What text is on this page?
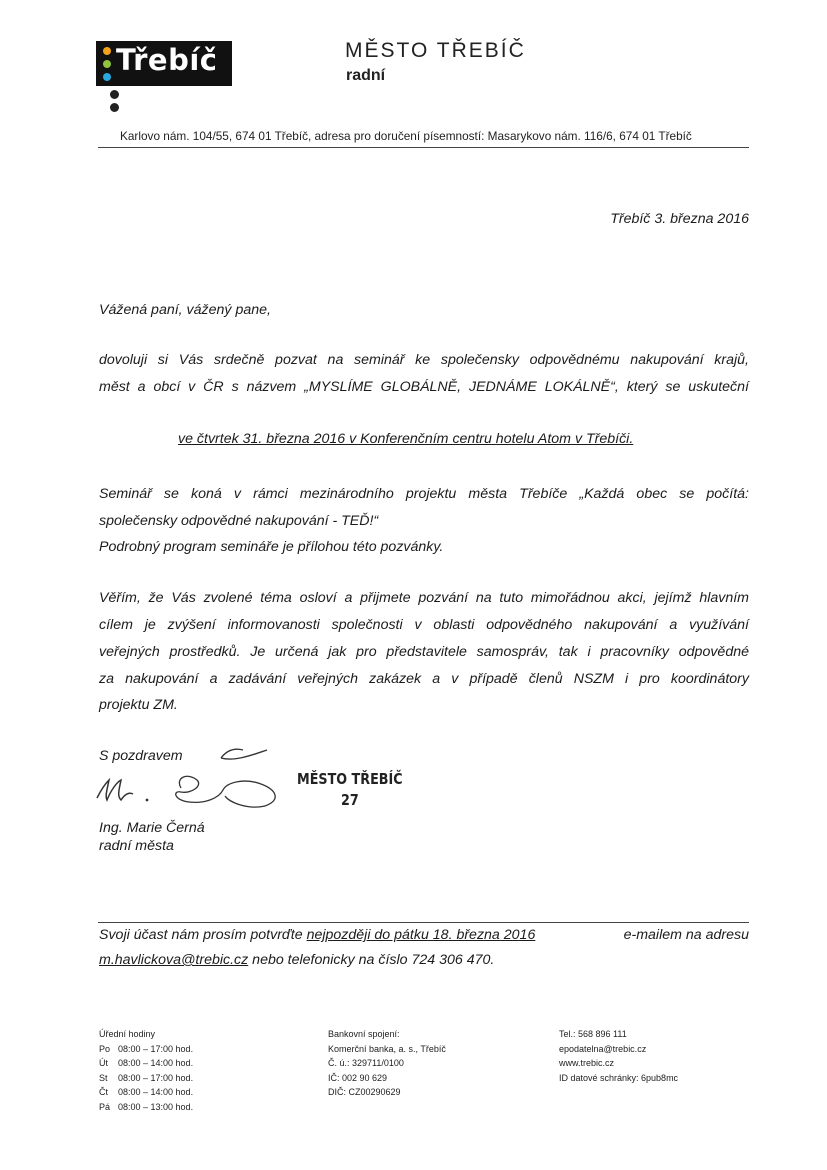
Třebíč	MĚSTO TŘEBÍČ
radní
Karlovo nám. 104/55, 674 01 Třebíč, adresa pro doručení písemností: Masarykovo nám. 116/6, 674 01 Třebíč
Třebíč 3. března 2016
Vážená paní, vážený pane,
dovoluji si Vás srdečně pozvat na seminář ke společensky odpovědnému nakupování krajů,
měst a obcí v ČR s názvem „MYSLÍME GLOBÁLNĚ, JEDNÁME LOKÁLNĚ“, který se uskuteční
ve čtvrtek 31. března 2016 v Konferenčním centru hotelu Atom v Třebíči.
Seminář se koná v rámci mezinárodního projektu města Třebíče „Každá obec se počítá:
společensky odpovědné nakupování - TEĎ!“
Podrobný program semináře je přílohou této pozvánky.
Věřím, že Vás zvolené téma osloví a přijmete pozvání na tuto mimořádnou akci, jejímž hlavním
cílem je zvýšení informovanosti společnosti v oblasti odpovědného nakupování a využívání
veřejných prostředků. Je určená jak pro představitele samospráv, tak i pracovníky odpovědné
za nakupování a zadávání veřejných zakázek a v případě členů NSZM i pro koordinátory
projektu ZM.
S pozdravem
MĚSTO TŘEBÍČ
27
Ing. Marie Černá
radní města
Svoji účast nám prosím potvrďte nejpozději do pátku 18. března 2016	e-mailem na adresu
m.havlickova@trebic.cz nebo telefonicky na číslo 724 306 470.
Úřední hodiny
Po 08:00 – 17:00 hod.
Út 08:00 – 14:00 hod.
St 08:00 – 17:00 hod.
Čt 08:00 – 14:00 hod.
Pá 08:00 – 13:00 hod.
Bankovní spojení:
Komerční banka, a. s., Třebíč
Č. ú.: 329711/0100
IČ: 002 90 629
DIČ: CZ00290629
Tel.: 568 896 111
epodatelna@trebic.cz
www.trebic.cz
ID datové schránky: 6pub8mc
